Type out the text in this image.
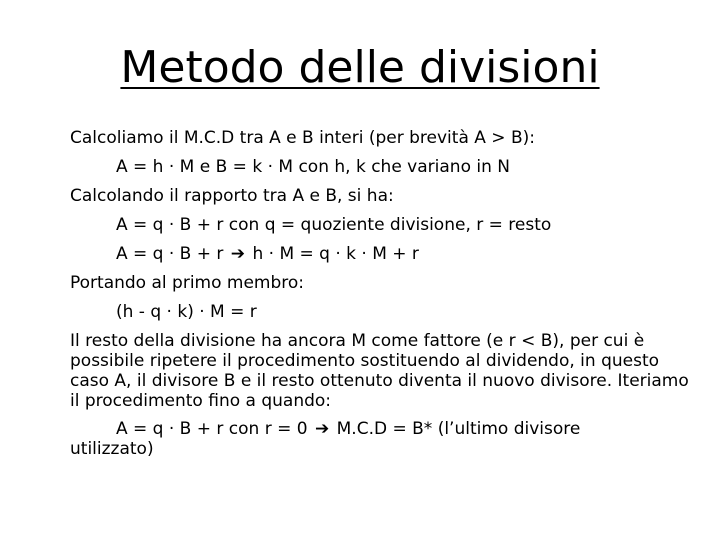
Metodo delle divisioni
Calcoliamo il M.C.D tra A e B interi (per brevità A > B):
A = h · M e B = k · M con h, k che variano in N
Calcolando il rapporto tra A e B, si ha:
A = q · B + r con q = quoziente divisione, r = resto
A = q · B + r ➔ h · M = q · k · M + r
Portando al primo membro:
(h - q · k) · M = r
Il resto della divisione ha ancora M come fattore (e r < B), per cui è possibile ripetere il procedimento sostituendo al dividendo, in questo caso A, il divisore B e il resto ottenuto diventa il nuovo divisore. Iteriamo il procedimento fino a quando:
A = q · B + r con r = 0 ➔ M.C.D = B* (l’ultimo divisore
utilizzato)
